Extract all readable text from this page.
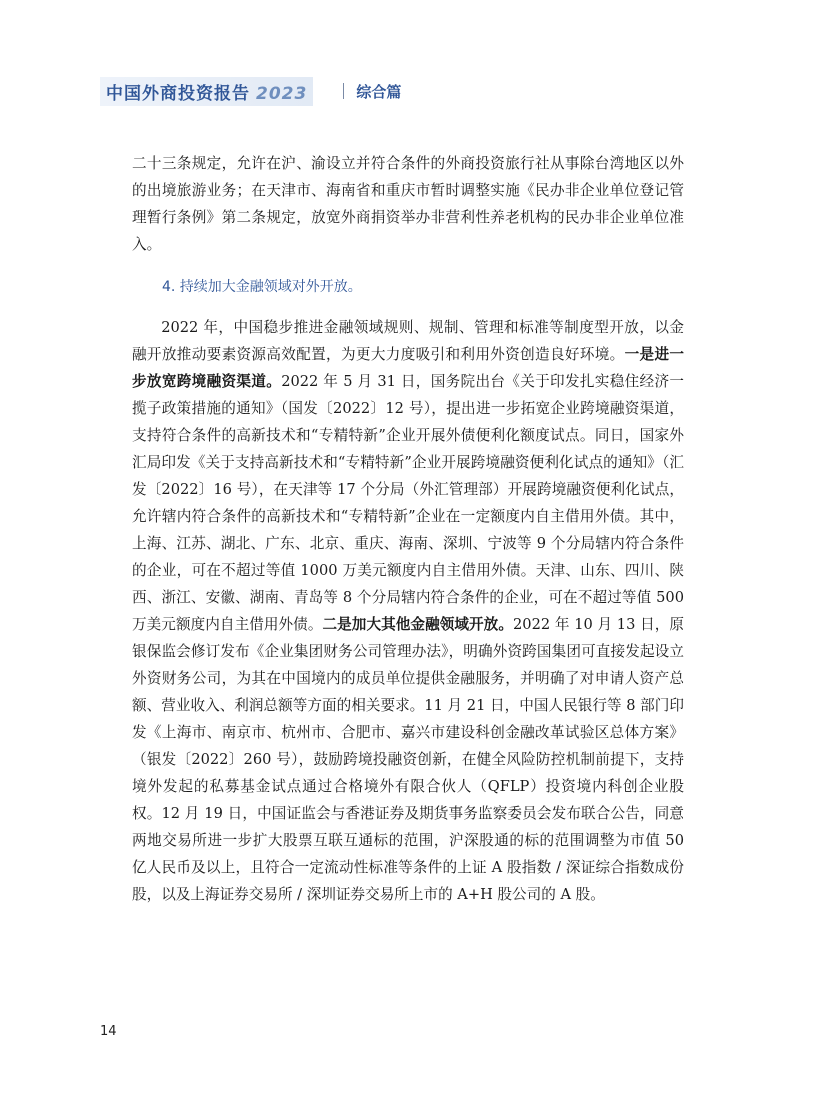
中国外商投资报告 2023	综合篇

二十三条规定，允许在沪、渝设立并符合条件的外商投资旅行社从事除台湾地区以外的出境旅游业务；在天津市、海南省和重庆市暂时调整实施《民办非企业单位登记管理暂行条例》第二条规定，放宽外商捐资举办非营利性养老机构的民办非企业单位准入。

4. 持续加大金融领域对外开放。

2022 年，中国稳步推进金融领域规则、规制、管理和标准等制度型开放，以金融开放推动要素资源高效配置，为更大力度吸引和利用外资创造良好环境。一是进一步放宽跨境融资渠道。2022 年 5 月 31 日，国务院出台《关于印发扎实稳住经济一揽子政策措施的通知》（国发〔2022〕12 号），提出进一步拓宽企业跨境融资渠道，支持符合条件的高新技术和“专精特新”企业开展外债便利化额度试点。同日，国家外汇局印发《关于支持高新技术和“专精特新”企业开展跨境融资便利化试点的通知》（汇发〔2022〕16 号），在天津等 17 个分局（外汇管理部）开展跨境融资便利化试点，允许辖内符合条件的高新技术和“专精特新”企业在一定额度内自主借用外债。其中，上海、江苏、湖北、广东、北京、重庆、海南、深圳、宁波等 9 个分局辖内符合条件的企业，可在不超过等值 1000 万美元额度内自主借用外债。天津、山东、四川、陕西、浙江、安徽、湖南、青岛等 8 个分局辖内符合条件的企业，可在不超过等值 500 万美元额度内自主借用外债。二是加大其他金融领域开放。2022 年 10 月 13 日，原银保监会修订发布《企业集团财务公司管理办法》，明确外资跨国集团可直接发起设立外资财务公司，为其在中国境内的成员单位提供金融服务，并明确了对申请人资产总额、营业收入、利润总额等方面的相关要求。11 月 21 日，中国人民银行等 8 部门印发《上海市、南京市、杭州市、合肥市、嘉兴市建设科创金融改革试验区总体方案》（银发〔2022〕260 号），鼓励跨境投融资创新，在健全风险防控机制前提下，支持境外发起的私募基金试点通过合格境外有限合伙人（QFLP）投资境内科创企业股权。12 月 19 日，中国证监会与香港证券及期货事务监察委员会发布联合公告，同意两地交易所进一步扩大股票互联互通标的范围，沪深股通的标的范围调整为市值 50 亿人民币及以上，且符合一定流动性标准等条件的上证 A 股指数 / 深证综合指数成份股，以及上海证券交易所 / 深圳证券交易所上市的 A+H 股公司的 A 股。

14
